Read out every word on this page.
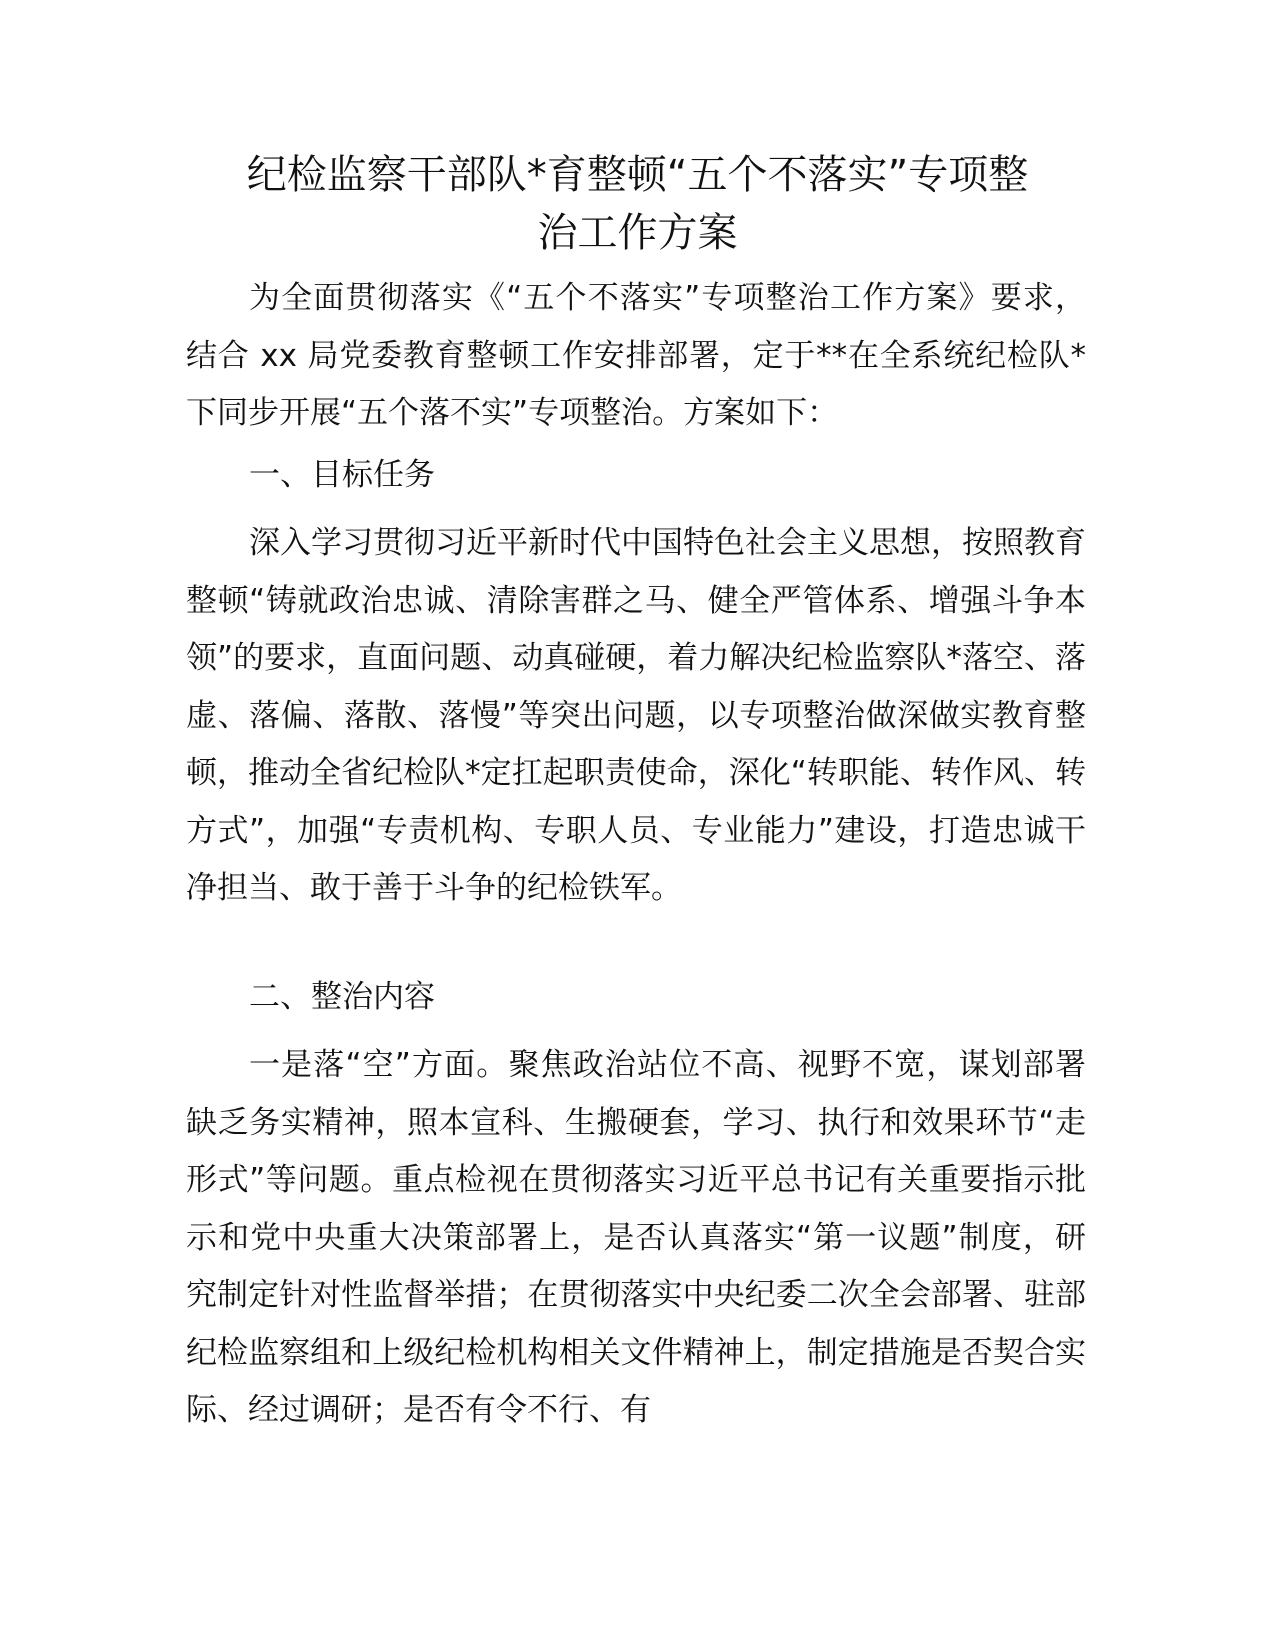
纪检监察干部队*育整顿“五个不落实”专项整
治工作方案

为全面贯彻落实《“五个不落实”专项整治工作方案》要求，结合 xx 局党委教育整顿工作安排部署，定于**在全系统纪检队*下同步开展“五个落不实”专项整治。方案如下：

一、目标任务

深入学习贯彻习近平新时代中国特色社会主义思想，按照教育整顿“铸就政治忠诚、清除害群之马、健全严管体系、增强斗争本领”的要求，直面问题、动真碰硬，着力解决纪检监察队*落空、落虚、落偏、落散、落慢”等突出问题，以专项整治做深做实教育整顿，推动全省纪检队*定扛起职责使命，深化“转职能、转作风、转方式”，加强“专责机构、专职人员、专业能力”建设，打造忠诚干净担当、敢于善于斗争的纪检铁军。

二、整治内容

一是落“空”方面。聚焦政治站位不高、视野不宽，谋划部署缺乏务实精神，照本宣科、生搬硬套，学习、执行和效果环节“走形式”等问题。重点检视在贯彻落实习近平总书记有关重要指示批示和党中央重大决策部署上，是否认真落实“第一议题”制度，研究制定针对性监督举措；在贯彻落实中央纪委二次全会部署、驻部纪检监察组和上级纪检机构相关文件精神上，制定措施是否契合实际、经过调研；是否有令不行、有
